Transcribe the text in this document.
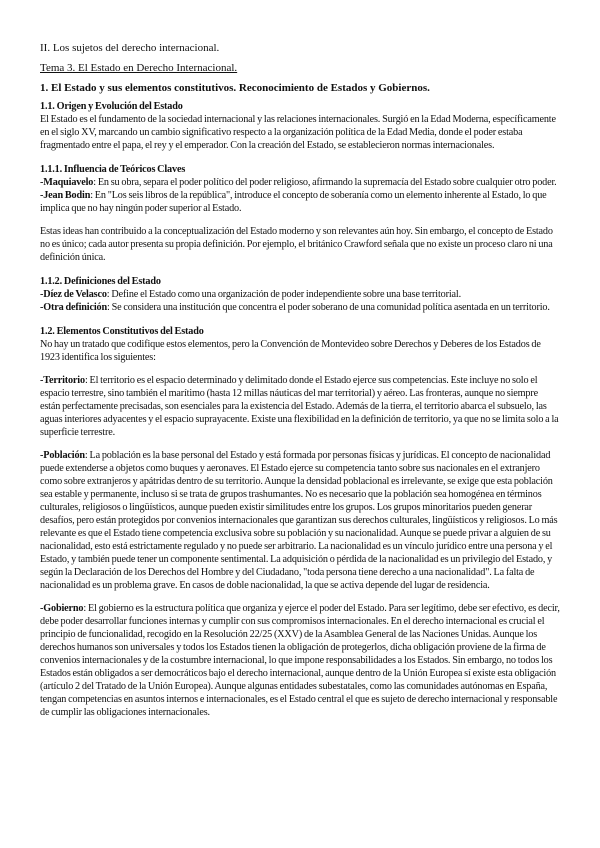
II. Los sujetos del derecho internacional.

Tema 3. El Estado en Derecho Internacional.

1. El Estado y sus elementos constitutivos. Reconocimiento de Estados y Gobiernos.

1.1. Origen y Evolución del Estado

El Estado es el fundamento de la sociedad internacional y las relaciones internacionales. Surgió en la Edad Moderna, específicamente en el siglo XV, marcando un cambio significativo respecto a la organización política de la Edad Media, donde el poder estaba fragmentado entre el papa, el rey y el emperador. Con la creación del Estado, se establecieron normas internacionales.

1.1.1. Influencia de Teóricos Claves

-Maquiavelo: En su obra, separa el poder político del poder religioso, afirmando la supremacía del Estado sobre cualquier otro poder.

-Jean Bodin: En "Los seis libros de la república", introduce el concepto de soberanía como un elemento inherente al Estado, lo que implica que no hay ningún poder superior al Estado.

Estas ideas han contribuido a la conceptualización del Estado moderno y son relevantes aún hoy. Sin embargo, el concepto de Estado no es único; cada autor presenta su propia definición. Por ejemplo, el británico Crawford señala que no existe un proceso claro ni una definición única.

1.1.2. Definiciones del Estado

-Díez de Velasco: Define el Estado como una organización de poder independiente sobre una base territorial.

-Otra definición: Se considera una institución que concentra el poder soberano de una comunidad política asentada en un territorio.

1.2. Elementos Constitutivos del Estado

No hay un tratado que codifique estos elementos, pero la Convención de Montevideo sobre Derechos y Deberes de los Estados de 1923 identifica los siguientes:

-Territorio: El territorio es el espacio determinado y delimitado donde el Estado ejerce sus competencias. Este incluye no solo el espacio terrestre, sino también el marítimo (hasta 12 millas náuticas del mar territorial) y aéreo. Las fronteras, aunque no siempre están perfectamente precisadas, son esenciales para la existencia del Estado. Además de la tierra, el territorio abarca el subsuelo, las aguas interiores adyacentes y el espacio suprayacente. Existe una flexibilidad en la definición de territorio, ya que no se limita solo a la superficie terrestre.

-Población: La población es la base personal del Estado y está formada por personas físicas y jurídicas. El concepto de nacionalidad puede extenderse a objetos como buques y aeronaves. El Estado ejerce su competencia tanto sobre sus nacionales en el extranjero como sobre extranjeros y apátridas dentro de su territorio. Aunque la densidad poblacional es irrelevante, se exige que esta población sea estable y permanente, incluso si se trata de grupos trashumantes. No es necesario que la población sea homogénea en términos culturales, religiosos o lingüísticos, aunque pueden existir similitudes entre los grupos. Los grupos minoritarios pueden generar desafíos, pero están protegidos por convenios internacionales que garantizan sus derechos culturales, lingüísticos y religiosos. Lo más relevante es que el Estado tiene competencia exclusiva sobre su población y su nacionalidad. Aunque se puede privar a alguien de su nacionalidad, esto está estrictamente regulado y no puede ser arbitrario. La nacionalidad es un vínculo jurídico entre una persona y el Estado, y también puede tener un componente sentimental. La adquisición o pérdida de la nacionalidad es un privilegio del Estado, y según la Declaración de los Derechos del Hombre y del Ciudadano, "toda persona tiene derecho a una nacionalidad". La falta de nacionalidad es un problema grave. En casos de doble nacionalidad, la que se activa depende del lugar de residencia.

-Gobierno: El gobierno es la estructura política que organiza y ejerce el poder del Estado. Para ser legítimo, debe ser efectivo, es decir, debe poder desarrollar funciones internas y cumplir con sus compromisos internacionales. En el derecho internacional es crucial el principio de funcionalidad, recogido en la Resolución 22/25 (XXV) de la Asamblea General de las Naciones Unidas. Aunque los derechos humanos son universales y todos los Estados tienen la obligación de protegerlos, dicha obligación proviene de la firma de convenios internacionales y de la costumbre internacional, lo que impone responsabilidades a los Estados. Sin embargo, no todos los Estados están obligados a ser democráticos bajo el derecho internacional, aunque dentro de la Unión Europea sí existe esta obligación (artículo 2 del Tratado de la Unión Europea). Aunque algunas entidades subestatales, como las comunidades autónomas en España, tengan competencias en asuntos internos e internacionales, es el Estado central el que es sujeto de derecho internacional y responsable de cumplir las obligaciones internacionales.
